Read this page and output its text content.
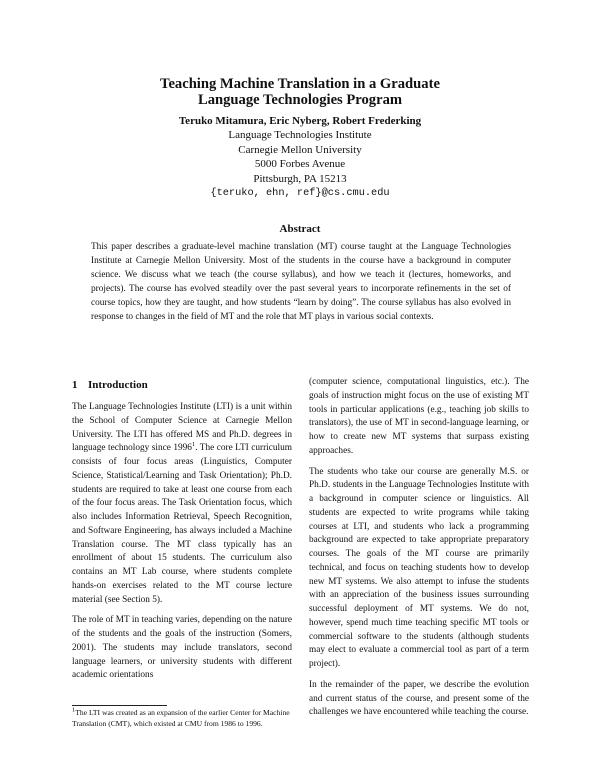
Teaching Machine Translation in a Graduate
Language Technologies Program
Teruko Mitamura, Eric Nyberg, Robert Frederking
Language Technologies Institute
Carnegie Mellon University
5000 Forbes Avenue
Pittsburgh, PA 15213
{teruko, ehn, ref}@cs.cmu.edu
Abstract
This paper describes a graduate-level machine translation (MT) course taught at the Language Technologies Institute at Carnegie Mellon University. Most of the students in the course have a background in computer science. We discuss what we teach (the course syllabus), and how we teach it (lectures, homeworks, and projects). The course has evolved steadily over the past several years to incorporate refinements in the set of course topics, how they are taught, and how students “learn by doing”. The course syllabus has also evolved in response to changes in the field of MT and the role that MT plays in various social contexts.
1 Introduction

The Language Technologies Institute (LTI) is a unit within the School of Computer Science at Carnegie Mellon University. The LTI has offered MS and Ph.D. degrees in language technology since 1996$^1$. The core LTI curriculum consists of four focus areas (Linguistics, Computer Science, Statistical/Learning and Task Orientation); Ph.D. students are required to take at least one course from each of the four focus areas. The Task Orientation focus, which also includes Information Retrieval, Speech Recognition, and Software Engineering, has always included a Machine Translation course. The MT class typically has an enrollment of about 15 students. The curriculum also contains an MT Lab course, where students complete hands-on exercises related to the MT course lecture material (see Section 5).

The role of MT in teaching varies, depending on the nature of the students and the goals of the instruction (Somers, 2001). The students may include translators, second language learners, or university students with different academic orientations

(computer science, computational linguistics, etc.). The goals of instruction might focus on the use of existing MT tools in particular applications (e.g., teaching job skills to translators), the use of MT in second-language learning, or how to create new MT systems that surpass existing approaches.

The students who take our course are generally M.S. or Ph.D. students in the Language Technologies Institute with a background in computer science or linguistics. All students are expected to write programs while taking courses at LTI, and students who lack a programming background are expected to take appropriate preparatory courses. The goals of the MT course are primarily technical, and focus on teaching students how to develop new MT systems. We also attempt to infuse the students with an appreciation of the business issues surrounding successful deployment of MT systems. We do not, however, spend much time teaching specific MT tools or commercial software to the students (although students may elect to evaluate a commercial tool as part of a term project).

In the remainder of the paper, we describe the evolution and current status of the course, and present some of the challenges we have encountered while teaching the course.

$^1$The LTI was created as an expansion of the earlier Center for Machine Translation (CMT), which existed at CMU from 1986 to 1996.
